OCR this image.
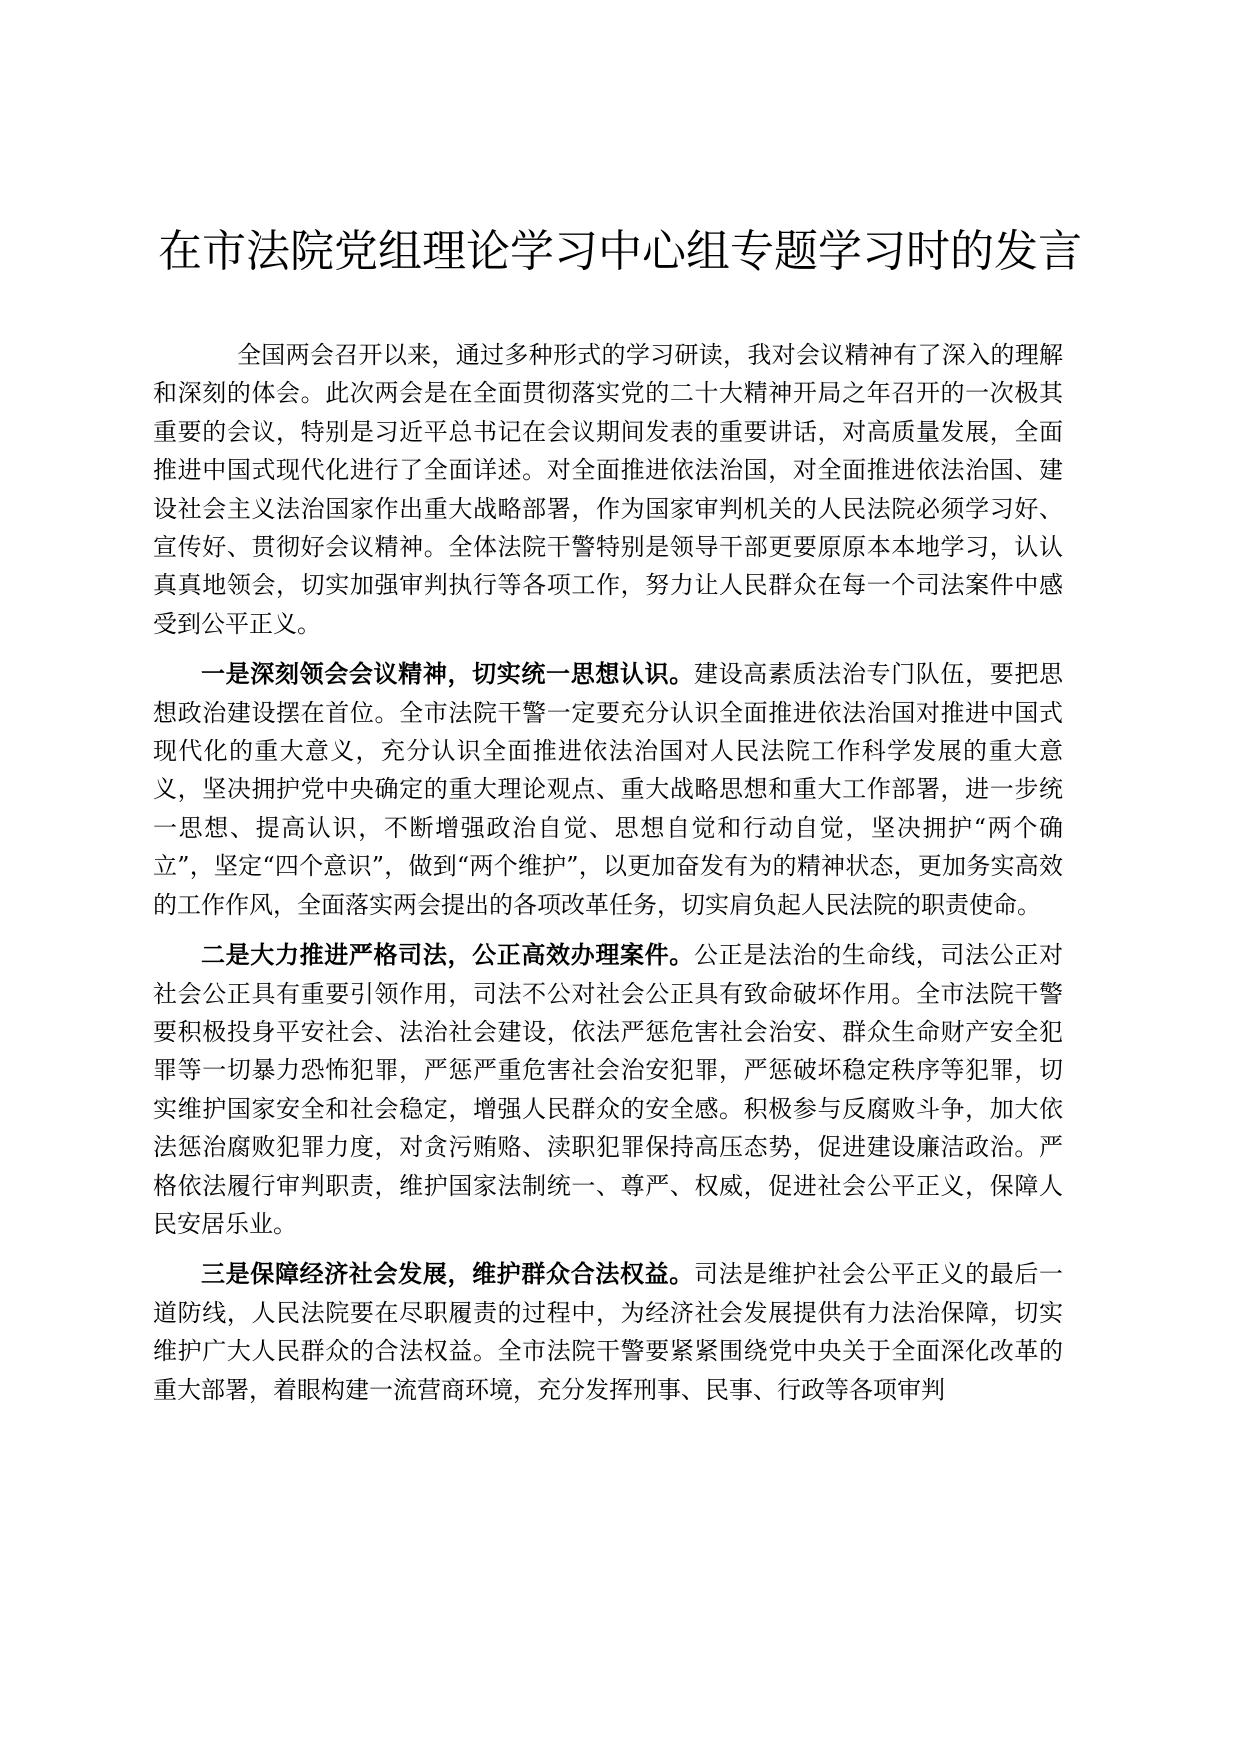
在市法院党组理论学习中心组专题学习时的发言

全国两会召开以来，通过多种形式的学习研读，我对会议精神有了深入的理解和深刻的体会。此次两会是在全面贯彻落实党的二十大精神开局之年召开的一次极其重要的会议，特别是习近平总书记在会议期间发表的重要讲话，对高质量发展，全面推进中国式现代化进行了全面详述。对全面推进依法治国，对全面推进依法治国、建设社会主义法治国家作出重大战略部署，作为国家审判机关的人民法院必须学习好、宣传好、贯彻好会议精神。全体法院干警特别是领导干部更要原原本本地学习，认认真真地领会，切实加强审判执行等各项工作，努力让人民群众在每一个司法案件中感受到公平正义。

一是深刻领会会议精神，切实统一思想认识。建设高素质法治专门队伍，要把思想政治建设摆在首位。全市法院干警一定要充分认识全面推进依法治国对推进中国式现代化的重大意义，充分认识全面推进依法治国对人民法院工作科学发展的重大意义，坚决拥护党中央确定的重大理论观点、重大战略思想和重大工作部署，进一步统一思想、提高认识，不断增强政治自觉、思想自觉和行动自觉，坚决拥护“两个确立”，坚定“四个意识”，做到“两个维护”，以更加奋发有为的精神状态，更加务实高效的工作作风，全面落实两会提出的各项改革任务，切实肩负起人民法院的职责使命。

二是大力推进严格司法，公正高效办理案件。公正是法治的生命线，司法公正对社会公正具有重要引领作用，司法不公对社会公正具有致命破坏作用。全市法院干警要积极投身平安社会、法治社会建设，依法严惩危害社会治安、群众生命财产安全犯罪等一切暴力恐怖犯罪，严惩严重危害社会治安犯罪，严惩破坏稳定秩序等犯罪，切实维护国家安全和社会稳定，增强人民群众的安全感。积极参与反腐败斗争，加大依法惩治腐败犯罪力度，对贪污贿赂、渎职犯罪保持高压态势，促进建设廉洁政治。严格依法履行审判职责，维护国家法制统一、尊严、权威，促进社会公平正义，保障人民安居乐业。

三是保障经济社会发展，维护群众合法权益。司法是维护社会公平正义的最后一道防线，人民法院要在尽职履责的过程中，为经济社会发展提供有力法治保障，切实维护广大人民群众的合法权益。全市法院干警要紧紧围绕党中央关于全面深化改革的重大部署，着眼构建一流营商环境，充分发挥刑事、民事、行政等各项审判
